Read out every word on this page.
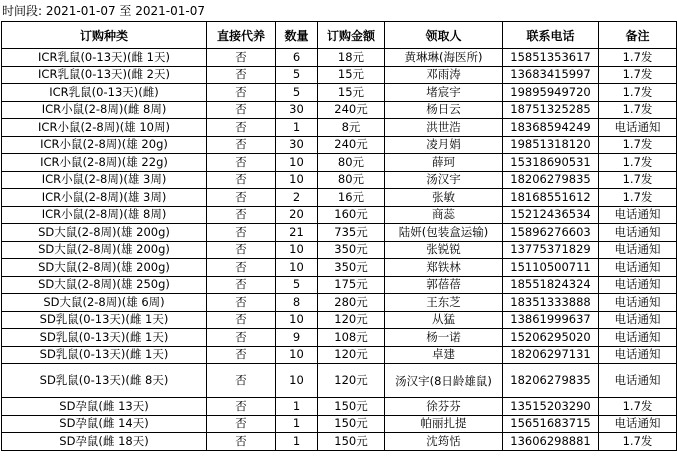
时间段: 2021-01-07 至 2021-01-07
订购种类	直接代养	数量	订购金额	领取人	联系电话	备注
ICR乳鼠(0-13天)(雌 1天)	否	6	18元	黄琳琳(海医所)	15851353617	1.7发
ICR乳鼠(0-13天)(雌 2天)	否	5	15元	邓雨涛	13683415997	1.7发
ICR乳鼠(0-13天)(雌)	否	5	15元	堵宸宇	19895949720	1.7发
ICR小鼠(2-8周)(雌 8周)	否	30	240元	杨日云	18751325285	1.7发
ICR小鼠(2-8周)(雄 10周)	否	1	8元	洪世浩	18368594249	电话通知
ICR小鼠(2-8周)(雄 20g)	否	30	240元	凌月娟	19851318120	1.7发
ICR小鼠(2-8周)(雄 22g)	否	10	80元	薛珂	15318690531	1.7发
ICR小鼠(2-8周)(雄 3周)	否	10	80元	汤汉宇	18206279835	1.7发
ICR小鼠(2-8周)(雄 3周)	否	2	16元	张敏	18168551612	1.7发
ICR小鼠(2-8周)(雄 8周)	否	20	160元	商蕊	15212436534	电话通知
SD大鼠(2-8周)(雄 200g)	否	21	735元	陆妍(包装盒运输)	15896276603	电话通知
SD大鼠(2-8周)(雄 200g)	否	10	350元	张锐锐	13775371829	电话通知
SD大鼠(2-8周)(雄 200g)	否	10	350元	郑铁林	15110500711	电话通知
SD大鼠(2-8周)(雄 250g)	否	5	175元	郭蓓蓓	18551824324	电话通知
SD大鼠(2-8周)(雄 6周)	否	8	280元	王东芝	18351333888	电话通知
SD乳鼠(0-13天)(雌 1天)	否	10	120元	从猛	13861999637	电话通知
SD乳鼠(0-13天)(雌 1天)	否	9	108元	杨一诺	15206295020	电话通知
SD乳鼠(0-13天)(雌 1天)	否	10	120元	卓建	18206297131	电话通知
SD乳鼠(0-13天)(雌 8天)	否	10	120元	汤汉宇(8日龄雄鼠)	18206279835	电话通知
SD孕鼠(雌 13天)	否	1	150元	徐芬芬	13515203290	1.7发
SD孕鼠(雌 14天)	否	1	150元	帕丽扎提	15651683715	电话通知
SD孕鼠(雌 18天)	否	1	150元	沈筠恬	13606298881	1.7发
